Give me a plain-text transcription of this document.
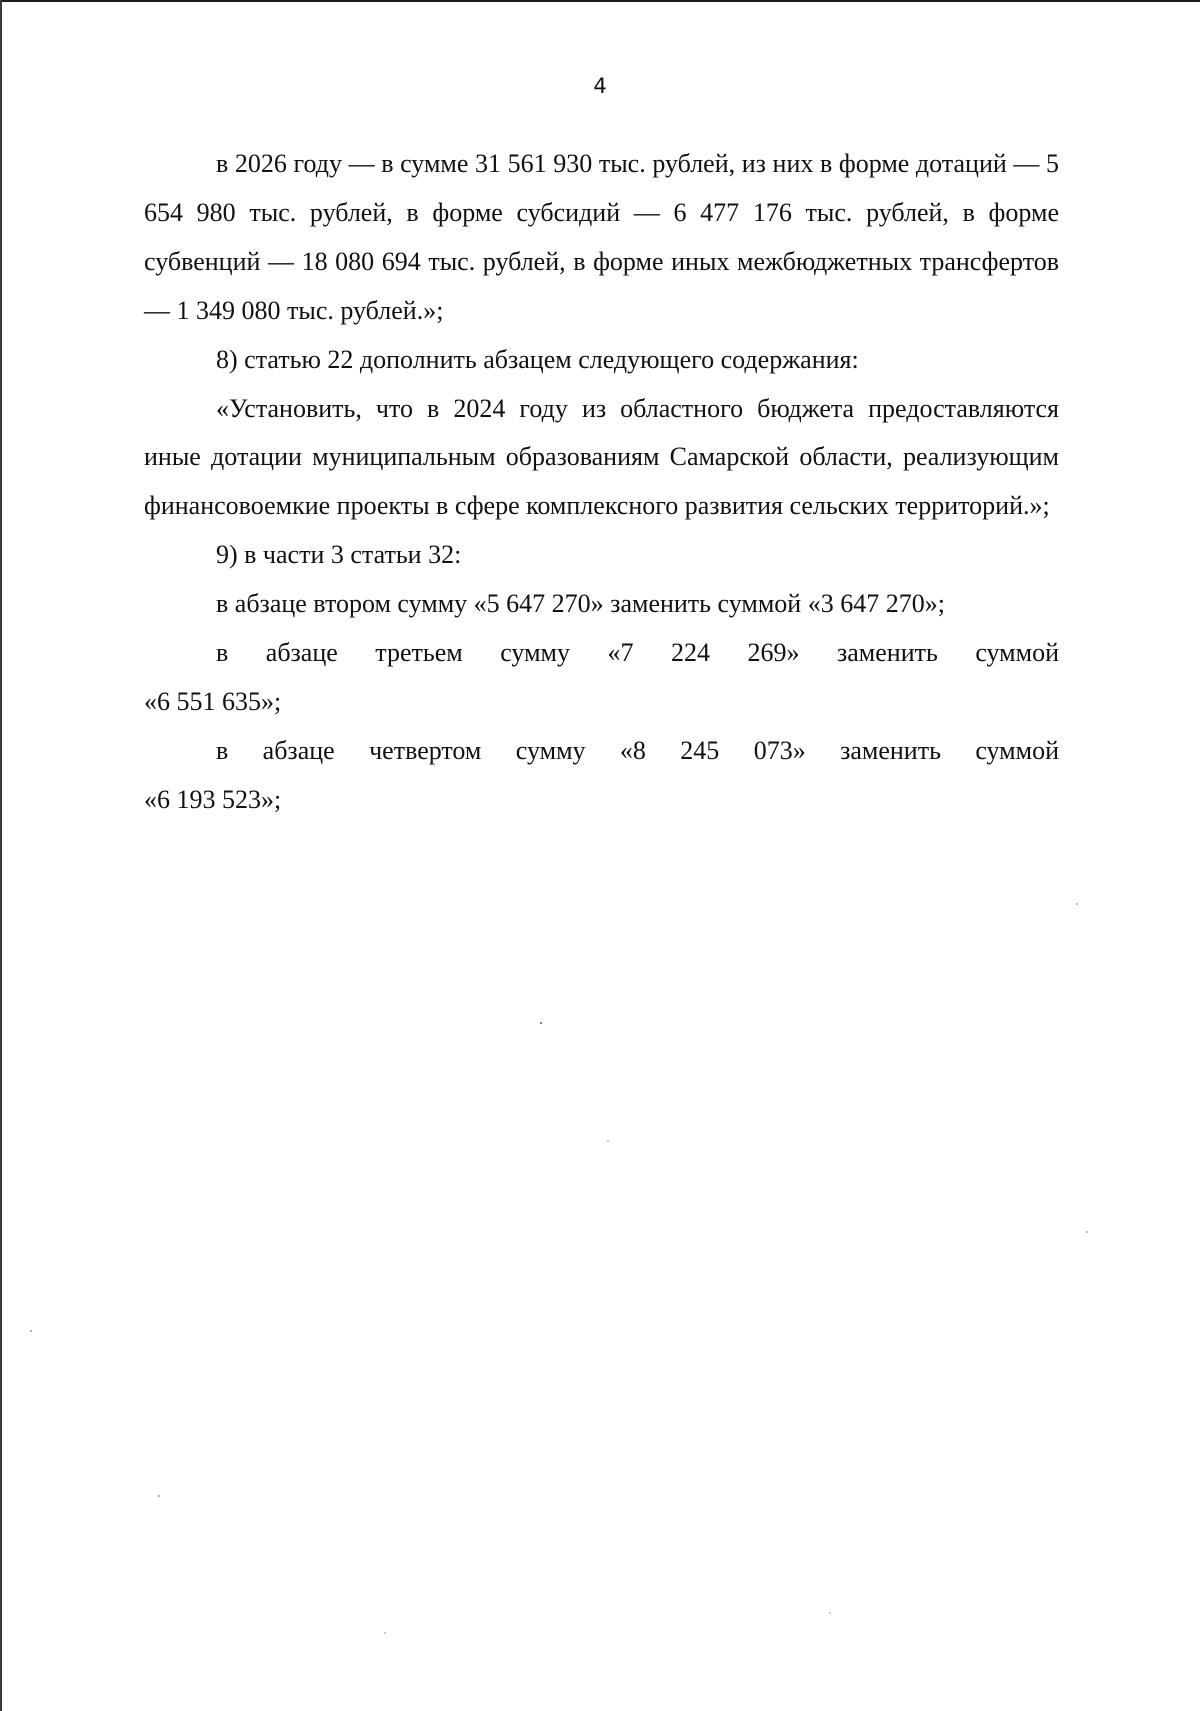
4

в 2026 году — в сумме 31 561 930 тыс. рублей, из них в форме дотаций — 5 654 980 тыс. рублей, в форме субсидий — 6 477 176 тыс. рублей, в форме субвенций — 18 080 694 тыс. рублей, в форме иных межбюджетных трансфертов — 1 349 080 тыс. рублей.»;

8) статью 22 дополнить абзацем следующего содержания:

«Установить, что в 2024 году из областного бюджета предоставляются иные дотации муниципальным образованиям Самарской области, реализующим финансовоемкие проекты в сфере комплексного развития сельских территорий.»;

9) в части 3 статьи 32:

в абзаце втором сумму «5 647 270» заменить суммой «3 647 270»;

в абзаце третьем сумму «7 224 269» заменить суммой

«6 551 635»;

в абзаце четвертом сумму «8 245 073» заменить суммой

«6 193 523»;
